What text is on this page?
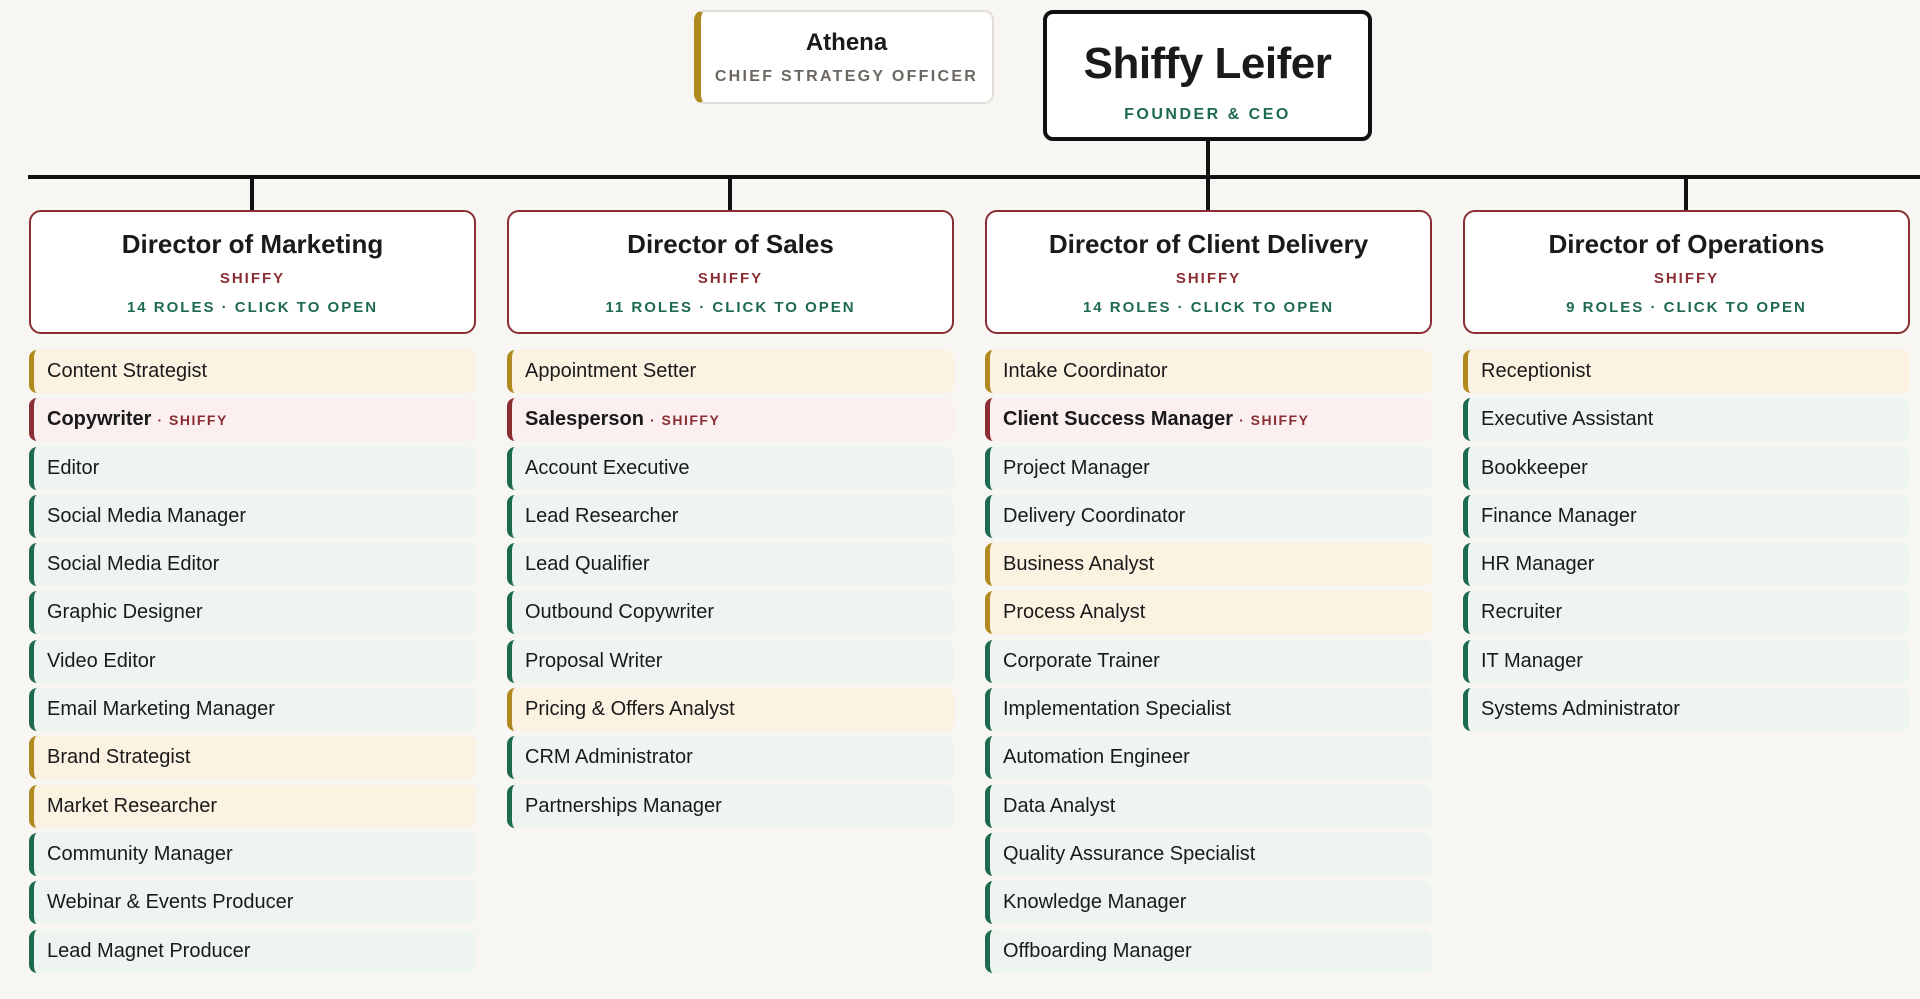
Athena
CHIEF STRATEGY OFFICER	Shiffy Leifer
FOUNDER & CEO
Director of Marketing
SHIFFY
14 ROLES · CLICK TO OPEN
Content Strategist
Copywriter	· SHIFFY
Editor
Social Media Manager
Social Media Editor
Graphic Designer
Video Editor
Email Marketing Manager
Brand Strategist
Market Researcher
Community Manager
Webinar & Events Producer
Lead Magnet Producer
Director of Sales
SHIFFY
11 ROLES · CLICK TO OPEN
Appointment Setter
Salesperson	· SHIFFY
Account Executive
Lead Researcher
Lead Qualifier
Outbound Copywriter
Proposal Writer
Pricing & Offers Analyst
CRM Administrator
Partnerships Manager
Director of Client Delivery
SHIFFY
14 ROLES · CLICK TO OPEN
Intake Coordinator
Client Success Manager	· SHIFFY
Project Manager
Delivery Coordinator
Business Analyst
Process Analyst
Corporate Trainer
Implementation Specialist
Automation Engineer
Data Analyst
Quality Assurance Specialist
Knowledge Manager
Offboarding Manager
Director of Operations
SHIFFY
9 ROLES · CLICK TO OPEN
Receptionist
Executive Assistant
Bookkeeper
Finance Manager
HR Manager
Recruiter
IT Manager
Systems Administrator
